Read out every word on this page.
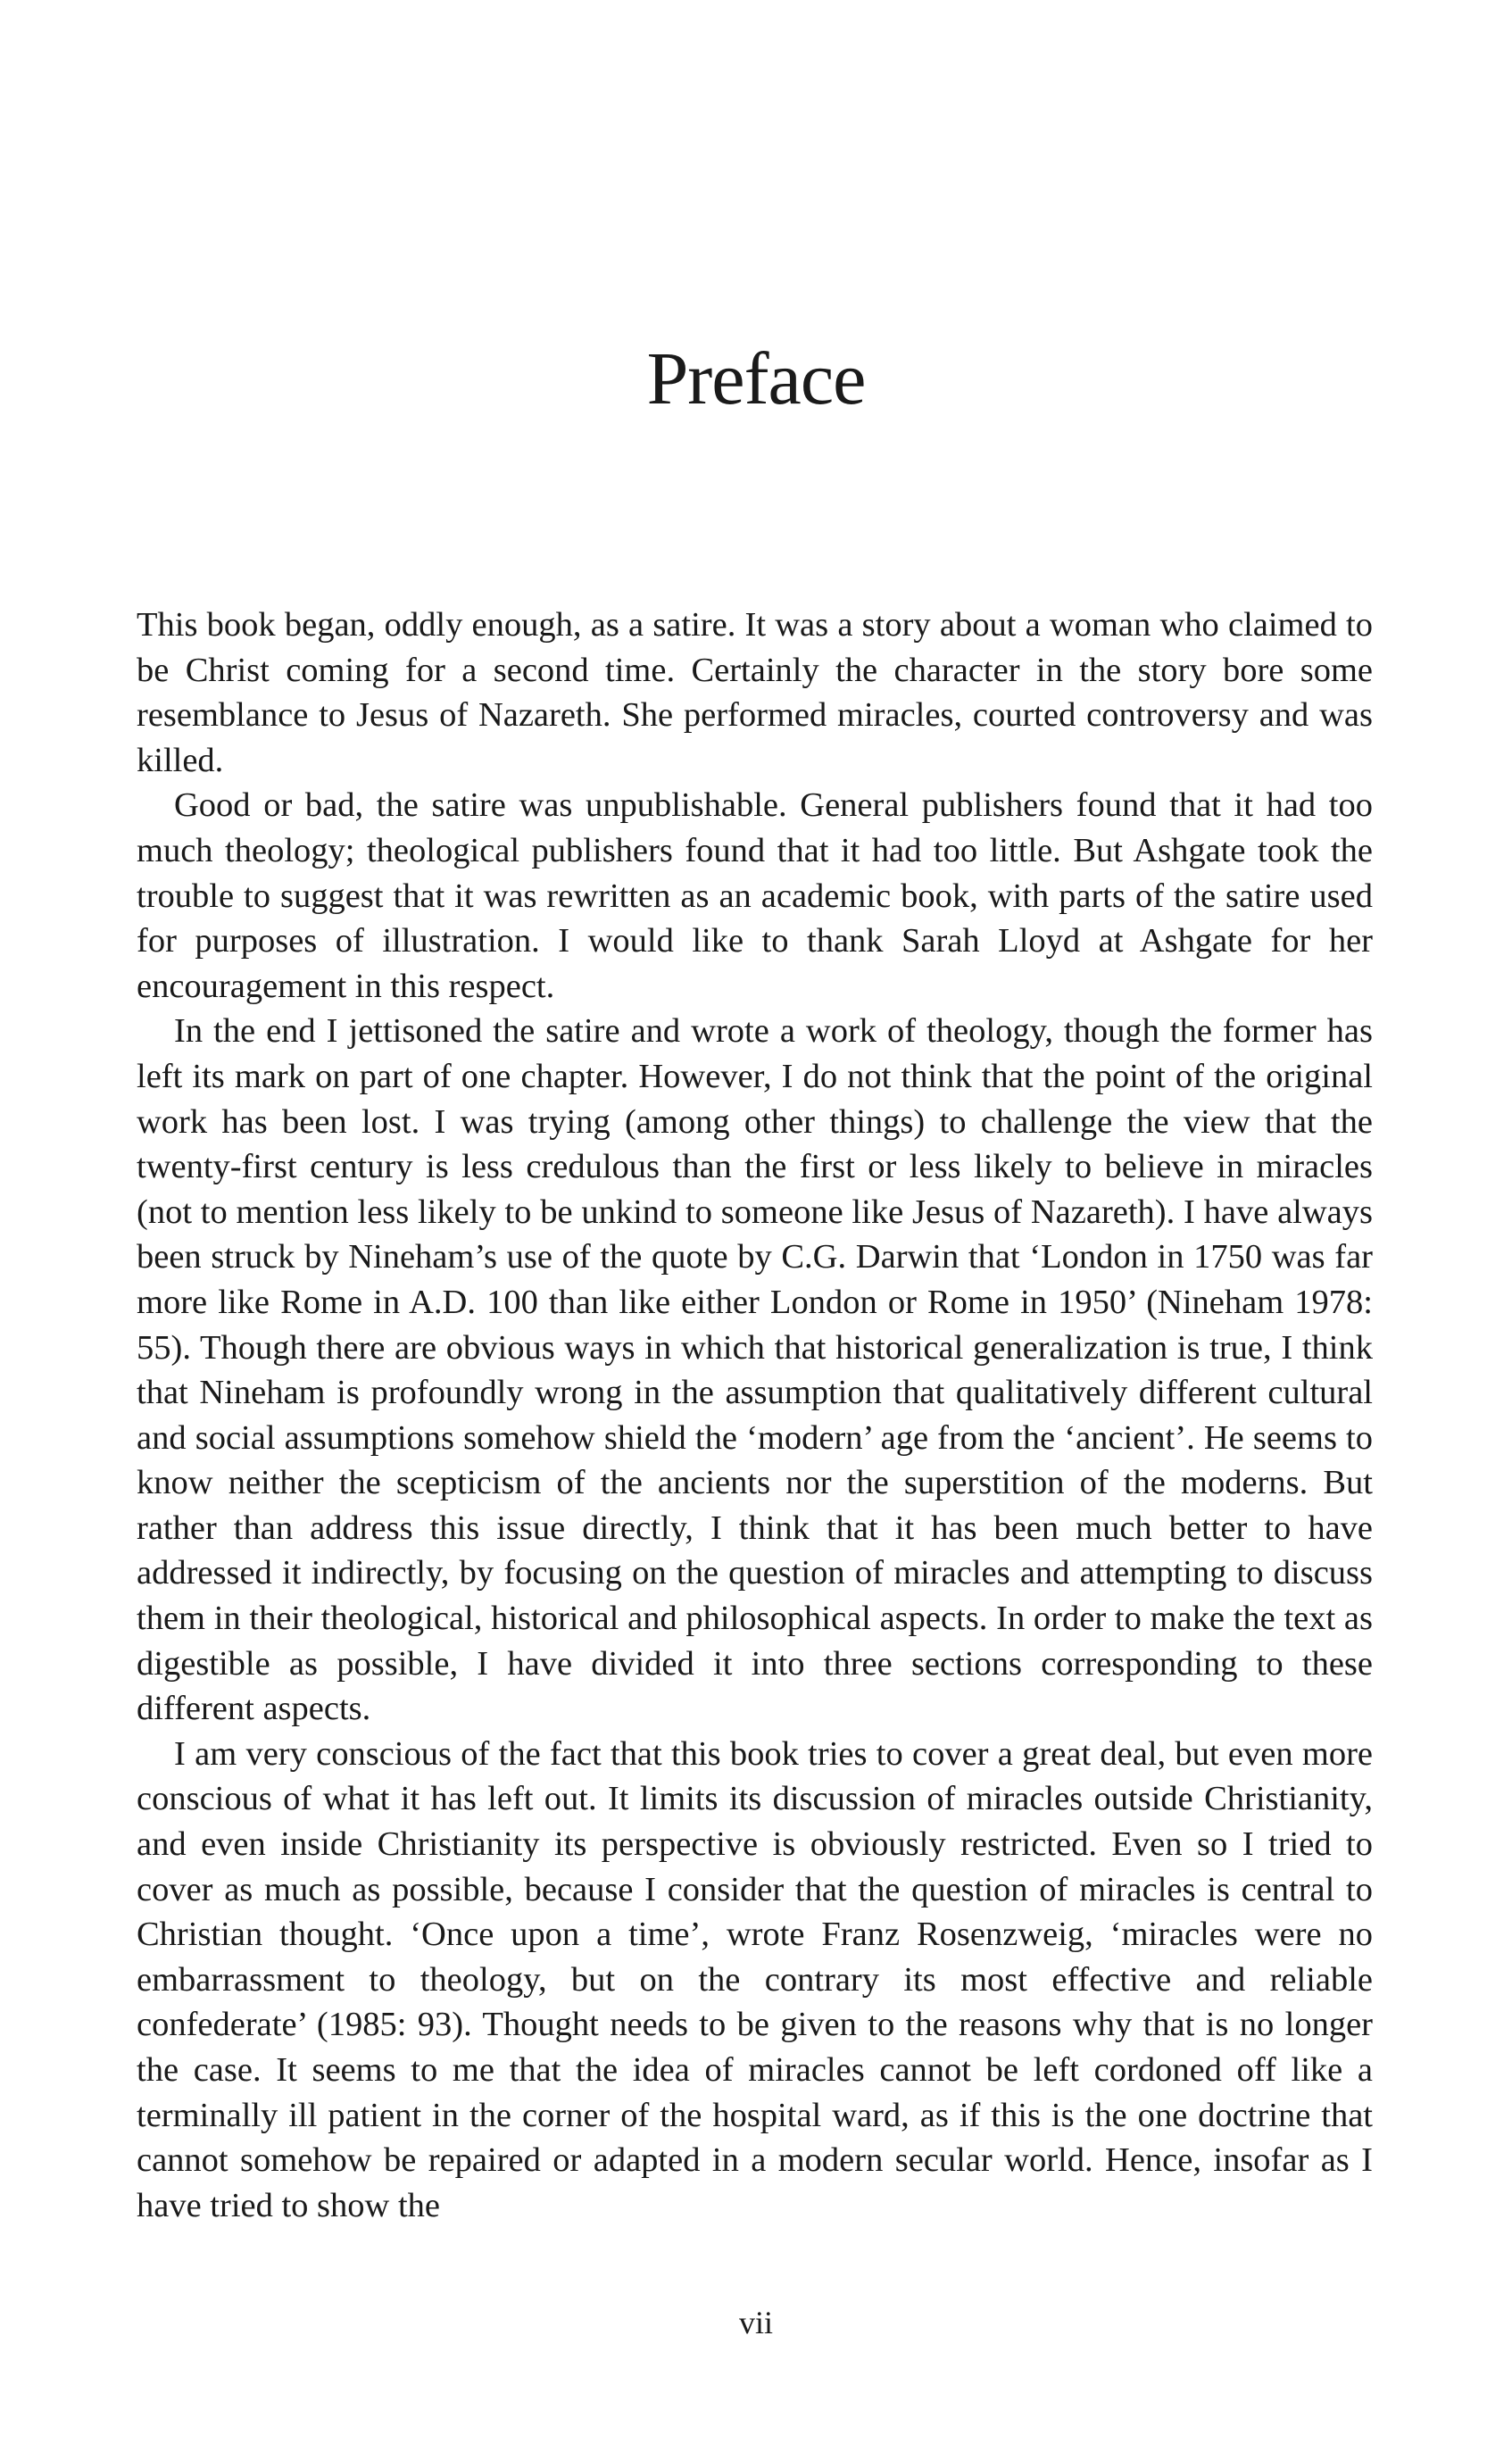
Preface

This book began, oddly enough, as a satire. It was a story about a woman who claimed to be Christ coming for a second time. Certainly the character in the story bore some resemblance to Jesus of Nazareth. She performed miracles, courted controversy and was killed.

Good or bad, the satire was unpublishable. General publishers found that it had too much theology; theological publishers found that it had too little. But Ashgate took the trouble to suggest that it was rewritten as an academic book, with parts of the satire used for purposes of illustration. I would like to thank Sarah Lloyd at Ashgate for her encouragement in this respect.

In the end I jettisoned the satire and wrote a work of theology, though the former has left its mark on part of one chapter. However, I do not think that the point of the original work has been lost. I was trying (among other things) to challenge the view that the twenty-first century is less credulous than the first or less likely to believe in miracles (not to mention less likely to be unkind to someone like Jesus of Nazareth). I have always been struck by Nineham’s use of the quote by C.G. Darwin that ‘London in 1750 was far more like Rome in A.D. 100 than like either London or Rome in 1950’ (Nineham 1978: 55). Though there are obvious ways in which that historical generalization is true, I think that Nineham is profoundly wrong in the assumption that qualitatively different cultural and social assumptions somehow shield the ‘modern’ age from the ‘ancient’. He seems to know neither the scepticism of the ancients nor the superstition of the moderns. But rather than address this issue directly, I think that it has been much better to have addressed it indirectly, by focusing on the question of miracles and attempting to discuss them in their theological, historical and philosophical aspects. In order to make the text as digestible as possible, I have divided it into three sections corresponding to these different aspects.

I am very conscious of the fact that this book tries to cover a great deal, but even more conscious of what it has left out. It limits its discussion of miracles outside Christianity, and even inside Christianity its perspective is obviously restricted. Even so I tried to cover as much as possible, because I consider that the question of miracles is central to Christian thought. ‘Once upon a time’, wrote Franz Rosenzweig, ‘miracles were no embarrassment to theology, but on the contrary its most effective and reliable confederate’ (1985: 93). Thought needs to be given to the reasons why that is no longer the case. It seems to me that the idea of miracles cannot be left cordoned off like a terminally ill patient in the corner of the hospital ward, as if this is the one doctrine that cannot somehow be repaired or adapted in a modern secular world. Hence, insofar as I have tried to show the

vii
